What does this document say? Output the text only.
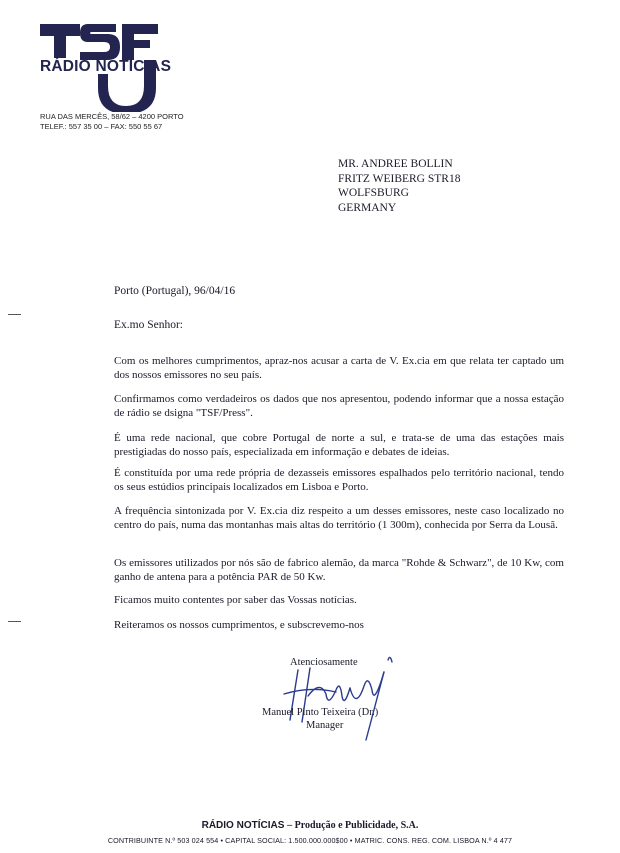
RÁDIO NOTÍCIAS
RUA DAS MERCÊS, 58/62 – 4200 PORTO
TELEF.: 557 35 00 – FAX: 550 55 67
MR. ANDREE BOLLIN
FRITZ WEIBERG STR18
WOLFSBURG
GERMANY
Porto (Portugal), 96/04/16
Ex.mo Senhor:
Com os melhores cumprimentos, apraz-nos acusar a carta de V. Ex.cia em que relata ter captado um dos nossos emissores no seu país.
Confirmamos como verdadeiros os dados que nos apresentou, podendo informar que a nossa estação de rádio se dsigna "TSF/Press".
É uma rede nacional, que cobre Portugal de norte a sul, e trata-se de uma das estações mais prestigiadas do nosso país, especializada em informação e debates de ideias.
É constituída por uma rede própria de dezasseis emissores espalhados pelo território nacional, tendo os seus estúdios principais localizados em Lisboa e Porto.
A frequência sintonizada por V. Ex.cia diz respeito a um desses emissores, neste caso localizado no centro do país, numa das montanhas mais altas do território (1 300m), conhecida por Serra da Lousã.
Os emissores utilizados por nós são de fabrico alemão, da marca "Rohde & Schwarz", de 10 Kw, com ganho de antena para a potência PAR de 50 Kw.
Ficamos muito contentes por saber das Vossas notícias.
Reiteramos os nossos cumprimentos, e subscrevemo-nos
Atenciosamente
Manuel Pinto Teixeira (Dr.)
Manager
RÁDIO NOTÍCIAS – Produção e Publicidade, S.A.
CONTRIBUINTE N.º 503 024 554 • CAPITAL SOCIAL: 1.500.000.000$00 • MATRIC. CONS. REG. COM. LISBOA N.º 4 477
